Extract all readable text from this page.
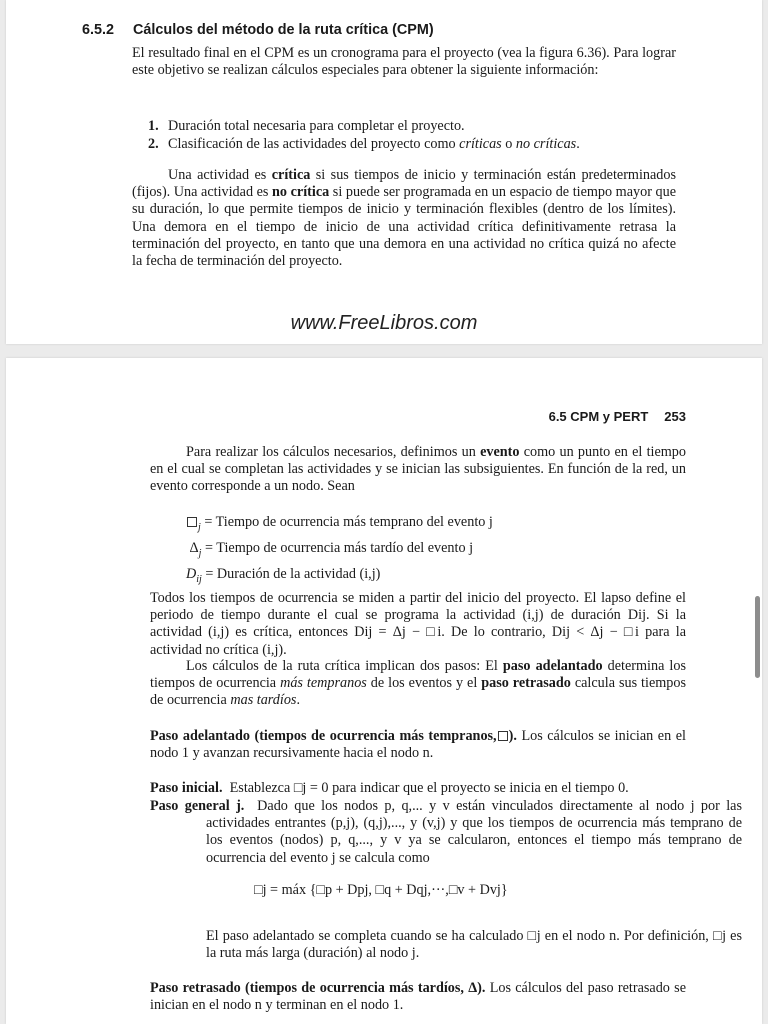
6.5.2 Cálculos del método de la ruta crítica (CPM)

El resultado final en el CPM es un cronograma para el proyecto (vea la figura 6.36). Para lograr este objetivo se realizan cálculos especiales para obtener la siguiente información:

1. Duración total necesaria para completar el proyecto.
2. Clasificación de las actividades del proyecto como críticas o no críticas.

Una actividad es crítica si sus tiempos de inicio y terminación están predeterminados (fijos). Una actividad es no crítica si puede ser programada en un espacio de tiempo mayor que su duración, lo que permite tiempos de inicio y terminación flexibles (dentro de los límites). Una demora en el tiempo de inicio de una actividad crítica definitivamente retrasa la terminación del proyecto, en tanto que una demora en una actividad no crítica quizá no afecte la fecha de terminación del proyecto.

www.FreeLibros.com
6.5 CPM y PERT 253

Para realizar los cálculos necesarios, definimos un evento como un punto en el tiempo en el cual se completan las actividades y se inician las subsiguientes. En función de la red, un evento corresponde a un nodo. Sean

$_j$ = Tiempo de ocurrencia más temprano del evento j
$\Delta_j$ = Tiempo de ocurrencia más tardío del evento j
$D_{ij}$ = Duración de la actividad (i,j)

Todos los tiempos de ocurrencia se miden a partir del inicio del proyecto. El lapso define el periodo de tiempo durante el cual se programa la actividad (i,j) de duración Dij. Si la actividad (i,j) es crítica, entonces Dij = Δj − □i. De lo contrario, Dij < Δj − □i para la actividad no crítica (i,j).

Los cálculos de la ruta crítica implican dos pasos: El paso adelantado determina los tiempos de ocurrencia más tempranos de los eventos y el paso retrasado calcula sus tiempos de ocurrencia mas tardíos.

Paso adelantado (tiempos de ocurrencia más tempranos, ). Los cálculos se inician en el nodo 1 y avanzan recursivamente hacia el nodo n.

Paso inicial. Establezca □j = 0 para indicar que el proyecto se inicia en el tiempo 0.

Paso general j. Dado que los nodos p, q,... y v están vinculados directamente al nodo j por las actividades entrantes (p,j), (q,j),..., y (v,j) y que los tiempos de ocurrencia más temprano de los eventos (nodos) p, q,..., y v ya se calcularon, entonces el tiempo más temprano de ocurrencia del evento j se calcula como

□j = máx {□p + Dpj, □q + Dqj,···,□v + Dvj}

El paso adelantado se completa cuando se ha calculado □j en el nodo n. Por definición, □j es la ruta más larga (duración) al nodo j.

Paso retrasado (tiempos de ocurrencia más tardíos, Δ). Los cálculos del paso retrasado se inician en el nodo n y terminan en el nodo 1.
